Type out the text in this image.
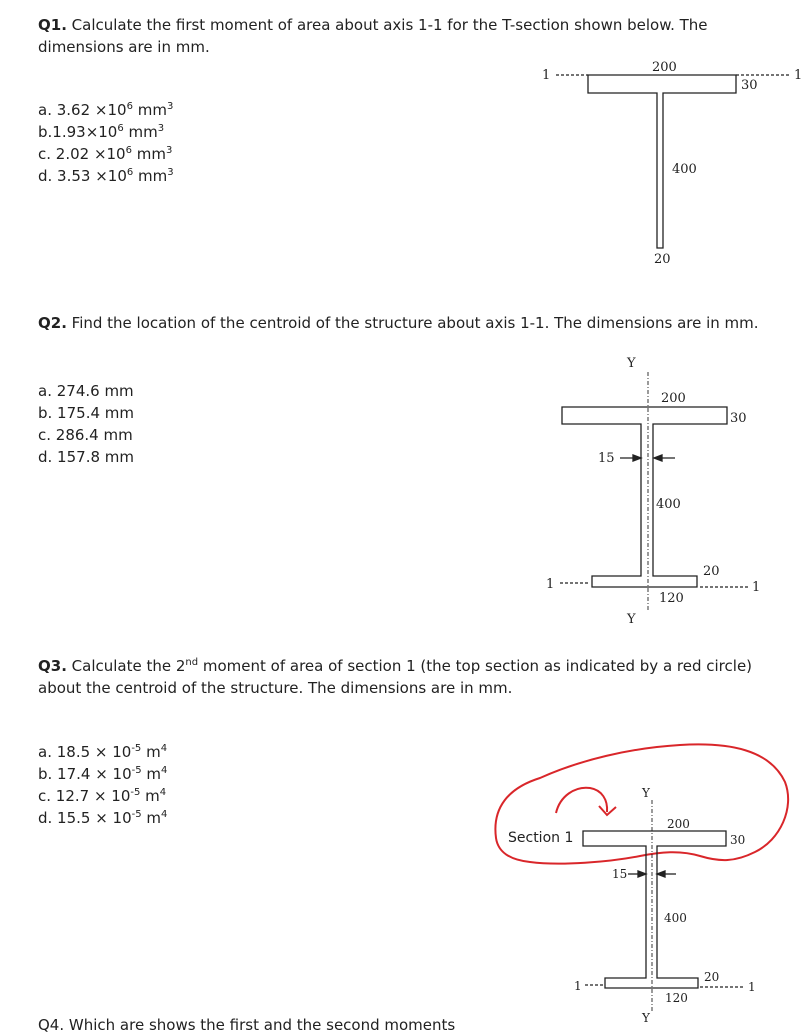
Q1. Calculate the first moment of area about axis 1-1 for the T-section shown below. The dimensions are in mm.
a. $3.62 \times 10^6$ $mm^3$
$b.1.93\times 10^6$ $mm^3$
c. $2.02 \times 10^6$ $mm^3$
d. $3.53 \times 10^6$ $mm^3$
1	1
200
30
400
20
Y
Y
200
30
15
400
20
120
1	1
Y
Y
200
30
15
400
20
120
1	1
Section 1
Q2. Find the location of the centroid of the structure about axis 1-1. The dimensions are in mm.
a. 274.6 mm
b. 175.4 mm
c. 286.4 mm
d. 157.8 mm
Q3. Calculate the 2nd moment of area of section 1 (the top section as indicated by a red circle) about the centroid of the structure. The dimensions are in mm.
a. $18.5 \times 10^{-5}$ $m^4$
b. $17.4 \times 10^{-5}$ $m^4$
c. $12.7 \times 10^{-5}$ $m^4$
d. $15.5 \times 10^{-5}$ $m^4$
Q4. Which are shows the first and the second moments
